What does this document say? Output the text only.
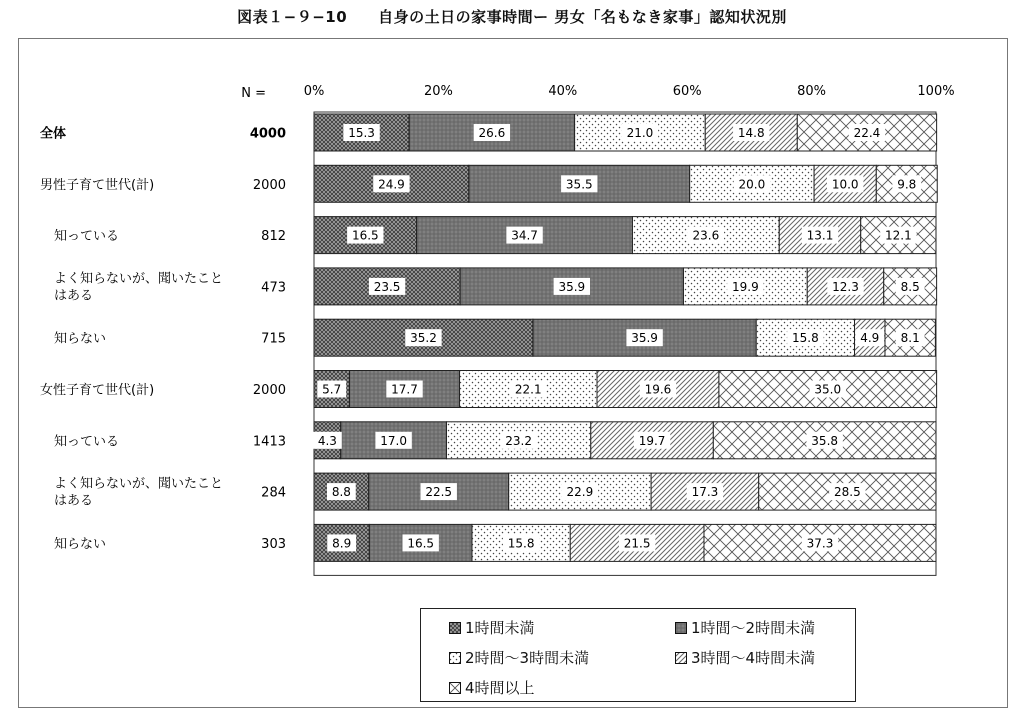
図表１−９−10　　自身の土日の家事時間ー 男女「名もなき家事」認知状況別
0%	20%	40%	60%	80%	100%
N =
全体	4000	15.3	26.6	21.0	14.8	22.4
男性子育て世代(計)	2000	24.9	35.5	20.0	10.0	9.8
知っている	812	16.5	34.7	23.6	13.1	12.1
よく知らないが、聞いたこと
はある
473	23.5	35.9	19.9	12.3	8.5
知らない	715	35.2	35.9	15.8	4.9 8.1
女性子育て世代(計)	2000	5.7	17.7	22.1	19.6	35.0
知っている	1413	4.3	17.0	23.2	19.7	35.8
よく知らないが、聞いたこと
はある
284	8.8	22.5	22.9	17.3	28.5
知らない	303	8.9	16.5	15.8	21.5	37.3
1時間未満	1時間〜2時間未満
2時間〜3時間未満	3時間〜4時間未満
4時間以上
